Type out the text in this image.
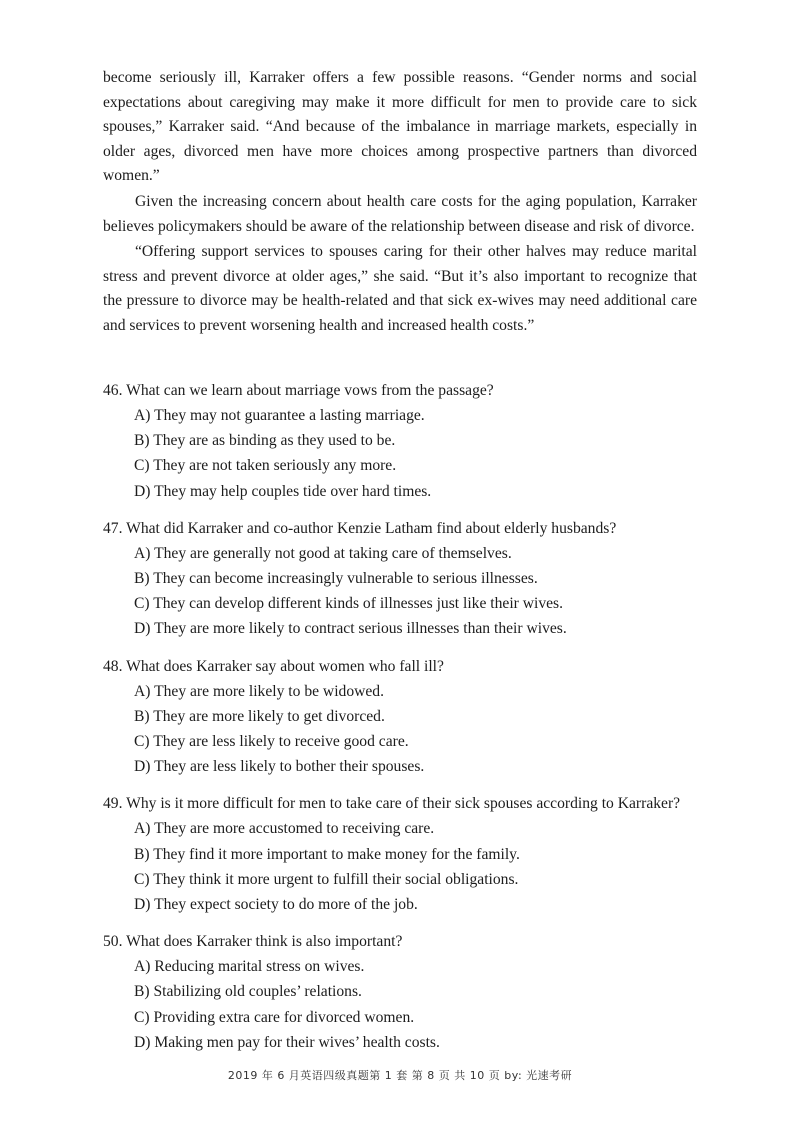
become seriously ill, Karraker offers a few possible reasons. “Gender norms and social expectations about caregiving may make it more difficult for men to provide care to sick spouses,” Karraker said. “And because of the imbalance in marriage markets, especially in older ages, divorced men have more choices among prospective partners than divorced women.”

Given the increasing concern about health care costs for the aging population, Karraker believes policymakers should be aware of the relationship between disease and risk of divorce.

“Offering support services to spouses caring for their other halves may reduce marital stress and prevent divorce at older ages,” she said. “But it’s also important to recognize that the pressure to divorce may be health-related and that sick ex-wives may need additional care and services to prevent worsening health and increased health costs.”

46. What can we learn about marriage vows from the passage?
A) They may not guarantee a lasting marriage.
B) They are as binding as they used to be.
C) They are not taken seriously any more.
D) They may help couples tide over hard times.
47. What did Karraker and co-author Kenzie Latham find about elderly husbands?
A) They are generally not good at taking care of themselves.
B) They can become increasingly vulnerable to serious illnesses.
C) They can develop different kinds of illnesses just like their wives.
D) They are more likely to contract serious illnesses than their wives.
48. What does Karraker say about women who fall ill?
A) They are more likely to be widowed.
B) They are more likely to get divorced.
C) They are less likely to receive good care.
D) They are less likely to bother their spouses.
49. Why is it more difficult for men to take care of their sick spouses according to Karraker?
A) They are more accustomed to receiving care.
B) They find it more important to make money for the family.
C) They think it more urgent to fulfill their social obligations.
D) They expect society to do more of the job.
50. What does Karraker think is also important?
A) Reducing marital stress on wives.
B) Stabilizing old couples’ relations.
C) Providing extra care for divorced women.
D) Making men pay for their wives’ health costs.
2019 年 6 月英语四级真题第 1 套 第 8 页 共 10 页 by: 光速考研
